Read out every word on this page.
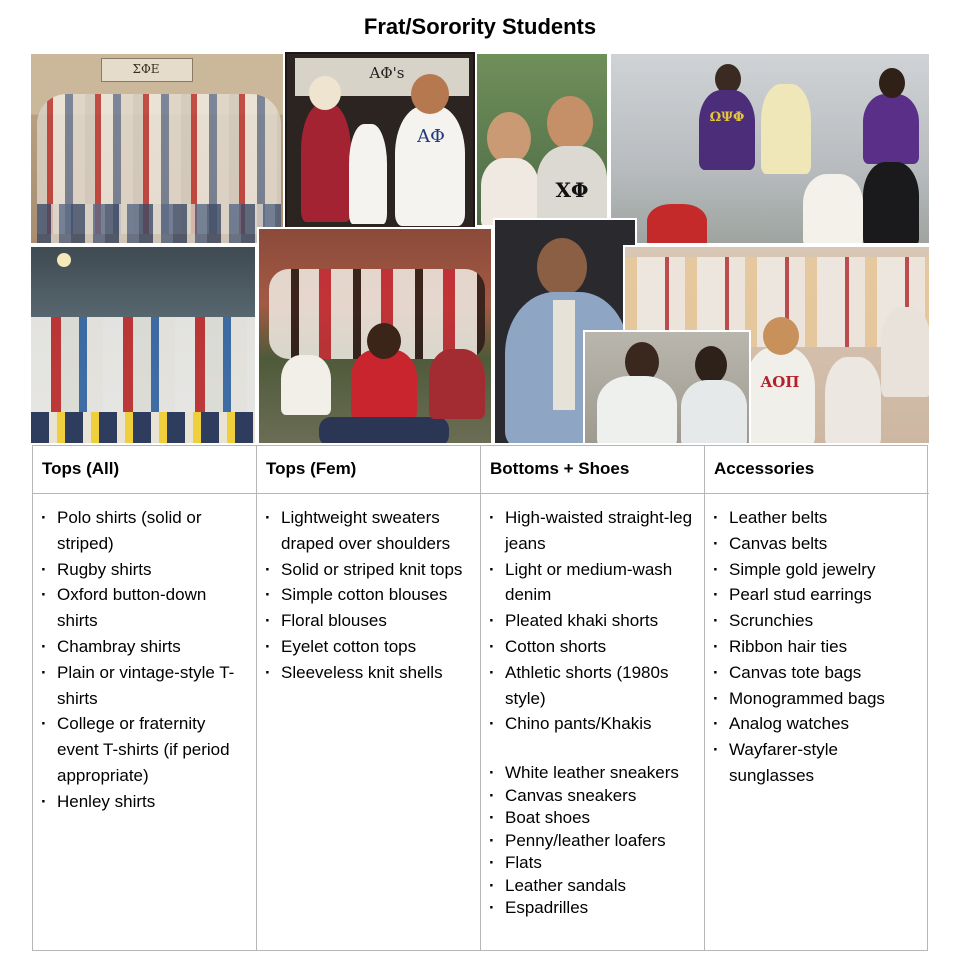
Frat/Sorority Students
ΣΦΕ	AΦ's
AΦ
XΦ
ΩΨΦ
AOΠ
Tops (All)
· Polo shirts (solid or striped)
· Rugby shirts
· Oxford button-down shirts
· Chambray shirts
· Plain or vintage-style T-shirts
· College or fraternity event T-shirts (if period appropriate)
· Henley shirts
Tops (Fem)
· Lightweight sweaters draped over shoulders
· Solid or striped knit tops
· Simple cotton blouses
· Floral blouses
· Eyelet cotton tops
· Sleeveless knit shells
Bottoms + Shoes
· High-waisted straight-leg jeans
· Light or medium-wash denim
· Pleated khaki shorts
· Cotton shorts
· Athletic shorts (1980s style)
· Chino pants/Khakis
· White leather sneakers
· Canvas sneakers
· Boat shoes
· Penny/leather loafers
· Flats
· Leather sandals
· Espadrilles
Accessories
· Leather belts
· Canvas belts
· Simple gold jewelry
· Pearl stud earrings
· Scrunchies
· Ribbon hair ties
· Canvas tote bags
· Monogrammed bags
· Analog watches
· Wayfarer-style sunglasses
